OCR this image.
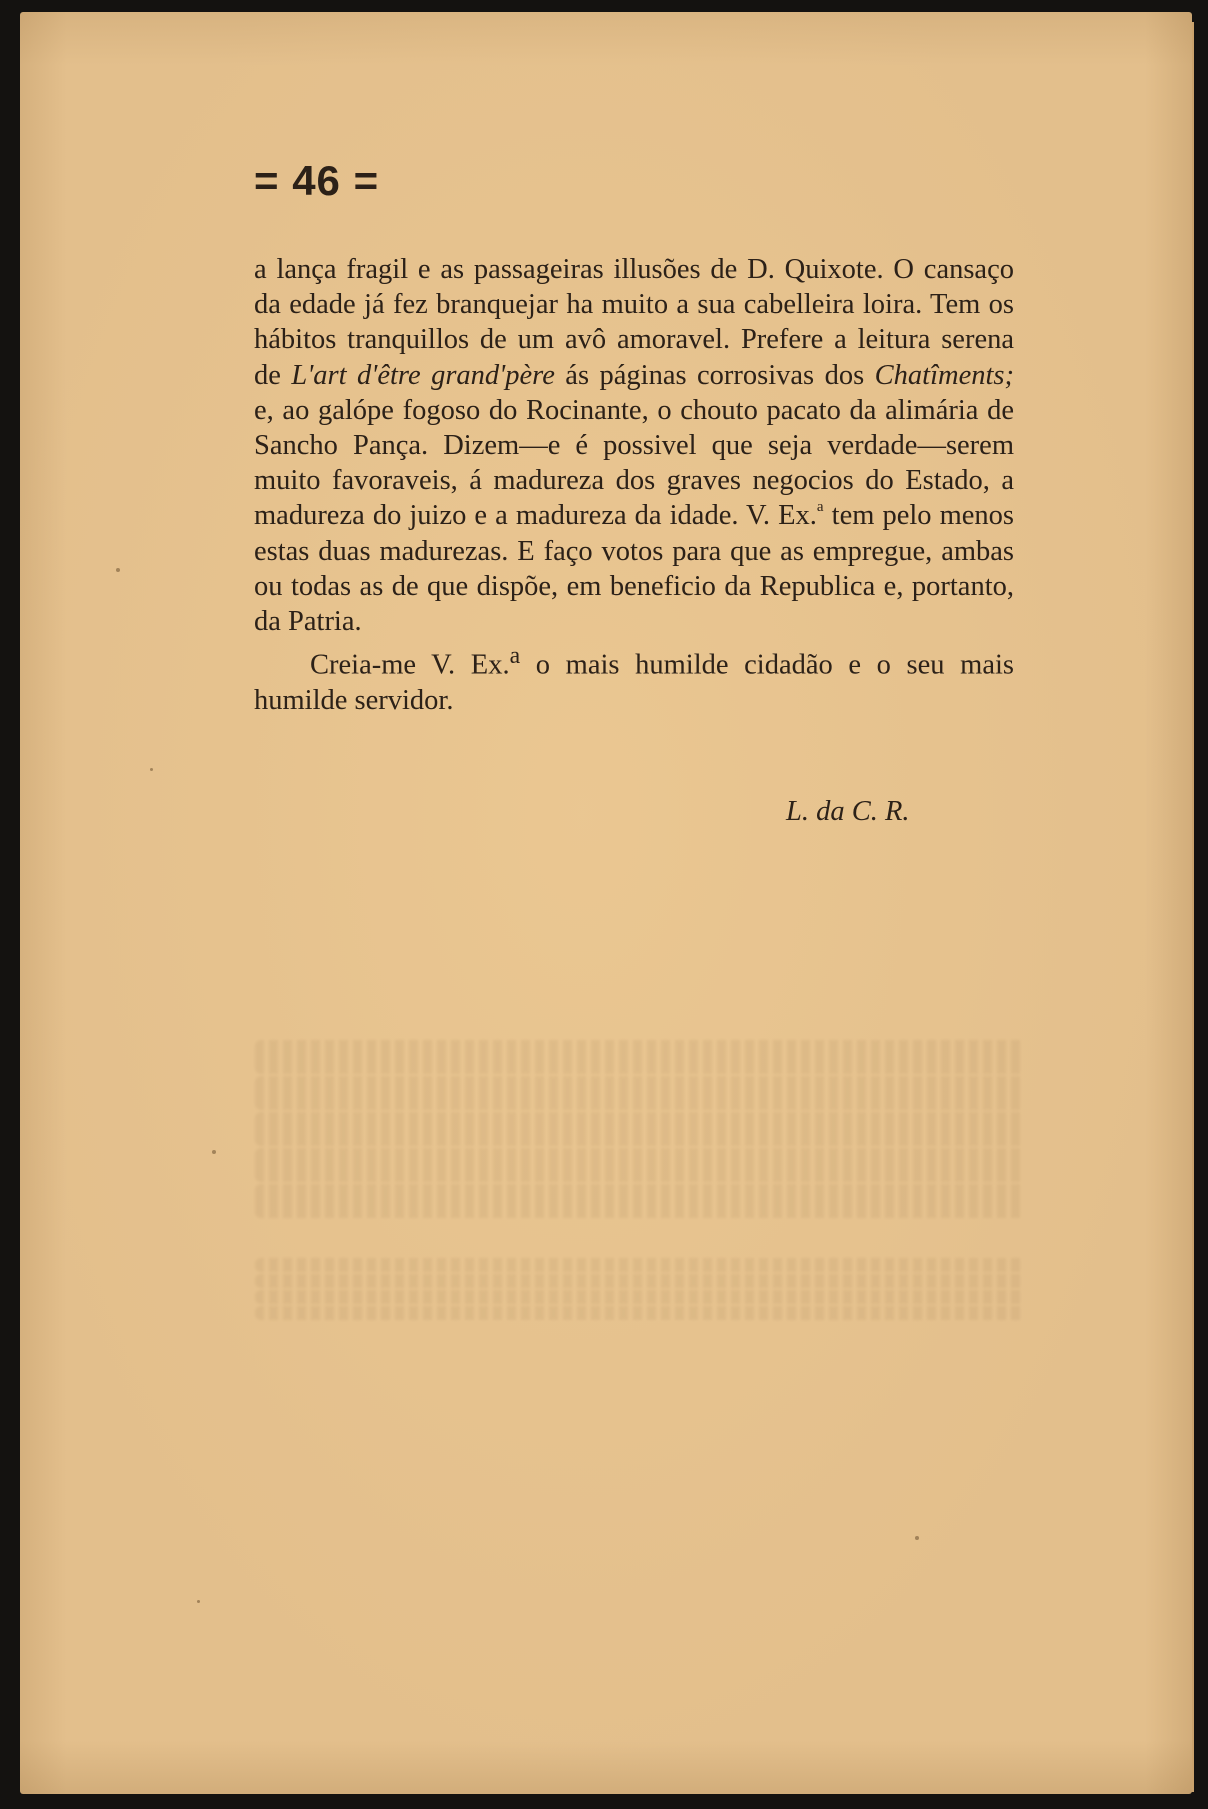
= 46 =

a lança fragil e as passageiras illusões de D. Quixote. O cansaço da edade já fez branquejar ha muito a sua cabelleira loira. Tem os hábitos tranquillos de um avô amoravel. Prefere a leitura serena de L'art d'être grand'père ás páginas corrosivas dos Chatîments; e, ao galópe fogoso do Rocinante, o chouto pacato da alimária de Sancho Pança. Dizem—e é possivel que seja verdade—serem muito favoraveis, á madureza dos graves negocios do Estado, a madureza do juizo e a madureza da idade. V. Ex.$^a$ tem pelo menos estas duas madurezas. E faço votos para que as empregue, ambas ou todas as de que dispõe, em beneficio da Republica e, portanto, da Patria.

Creia-me V. Ex.$^a$ o mais humilde cidadão e o seu mais humilde servidor.

L. da C. R.
